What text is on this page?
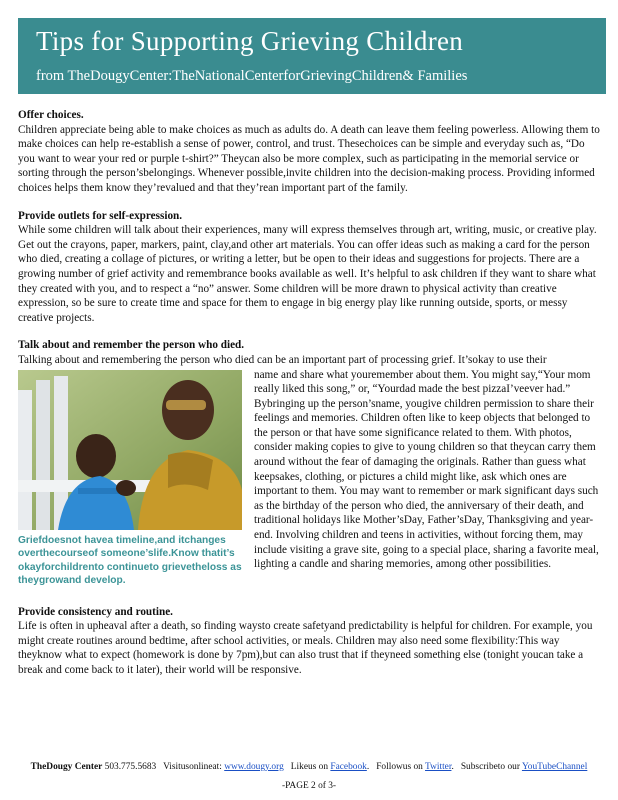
Tips for Supporting Grieving Children
from TheDougyCenter:TheNationalCenterforGrievingChildren& Families

Offer choices.

Children appreciate being able to make choices as much as adults do. A death can leave them feeling powerless. Allowing them to make choices can help re-establish a sense of power, control, and trust. Thesechoices can be simple and everyday such as, “Do you want to wear your red or purple t-shirt?” Theycan also be more complex, such as participating in the memorial service or sorting through the person’sbelongings. Whenever possible,invite children into the decision-making process. Providing informed choices helps them know they’revalued and that they’rean important part of the family.

Provide outlets for self-expression.

While some children will talk about their experiences, many will express themselves through art, writing, music, or creative play. Get out the crayons, paper, markers, paint, clay,and other art materials. You can offer ideas such as making a card for the person who died, creating a collage of pictures, or writing a letter, but be open to their ideas and suggestions for projects. There are a growing number of grief activity and remembrance books available as well. It’s helpful to ask children if they want to share what they created with you, and to respect a “no” answer. Some children will be more drawn to physical activity than creative expression, so be sure to create time and space for them to engage in big energy play like running outside, sports, or messy creative projects.

Talk about and remember the person who died.

Talking about and remembering the person who died can be an important part of processing grief. It’sokay to use their

Griefdoesnot havea timeline,and itchanges overthecourseof someone’slife.Know thatit’s okayforchildrento continueto grievetheloss as theygrowand develop.

name and share what youremember about them. You might say,“Your mom really liked this song,” or, “Yourdad made the best pizzaI’veever had.” Bybringing up the person’sname, yougive children permission to share their feelings and memories. Children often like to keep objects that belonged to the person or that have some significance related to them. With photos, consider making copies to give to young children so that theycan carry them around without the fear of damaging the originals. Rather than guess what keepsakes, clothing, or pictures a child might like, ask which ones are important to them. You may want to remember or mark significant days such as the birthday of the person who died, the anniversary of their death, and traditional holidays like Mother’sDay, Father’sDay, Thanksgiving and year-end. Involving children and teens in activities, without forcing them, may include visiting a grave site, going to a special place, sharing a favorite meal, lighting a candle and sharing memories, among other possibilities.

Provide consistency and routine.

Life is often in upheaval after a death, so finding waysto create safetyand predictability is helpful for children. For example, you might create routines around bedtime, after school activities, or meals. Children may also need some flexibility:This way theyknow what to expect (homework is done by 7pm),but can also trust that if theyneed something else (tonight youcan take a break and come back to it later), their world will be responsive.

TheDougy Center 503.775.5683 Visitusonlineat: www.dougy.org Likeus on Facebook.   Followus on Twitter.   Subscribeto our YouTubeChannel
-PAGE 2 of 3-
